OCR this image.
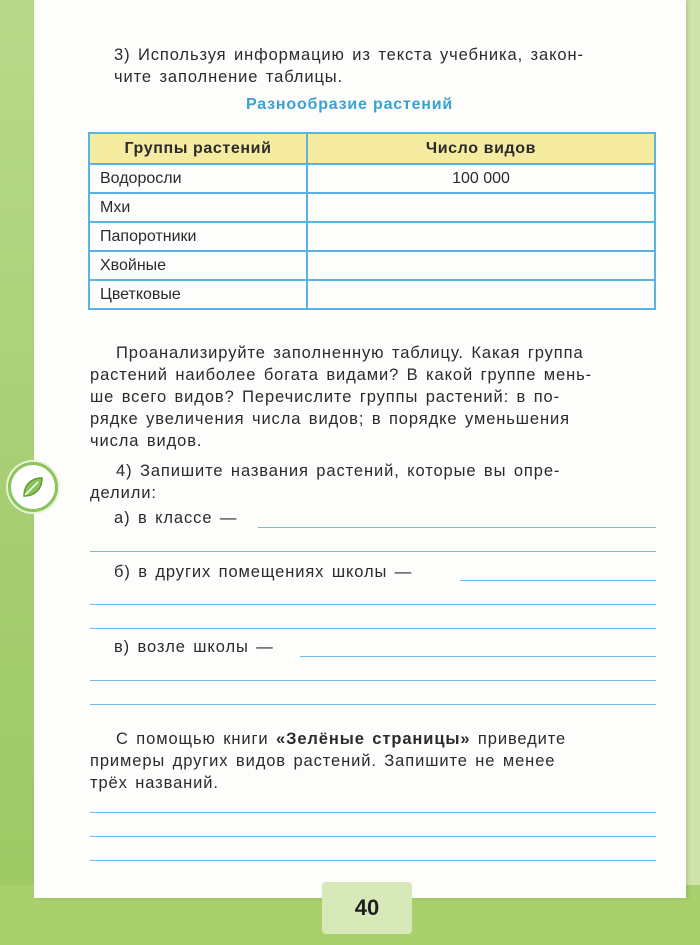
3) Используя информацию из текста учебника, закон-

чите заполнение таблицы.

Разнообразие растений
Группы растений	Число видов
Водоросли	100 000
Мхи	
Папоротники	
Хвойные	
Цветковые	

Проанализируйте заполненную таблицу. Какая группа

растений наиболее богата видами? В какой группе мень-

ше всего видов? Перечислите группы растений: в по-

рядке увеличения числа видов; в порядке уменьшения

числа видов.

4) Запишите названия растений, которые вы опре-

делили:

а) в классе —
б) в других помещениях школы —
в) возле школы —

С помощью книги «Зелёные страницы» приведите

примеры других видов растений. Запишите не менее

трёх названий.

40
